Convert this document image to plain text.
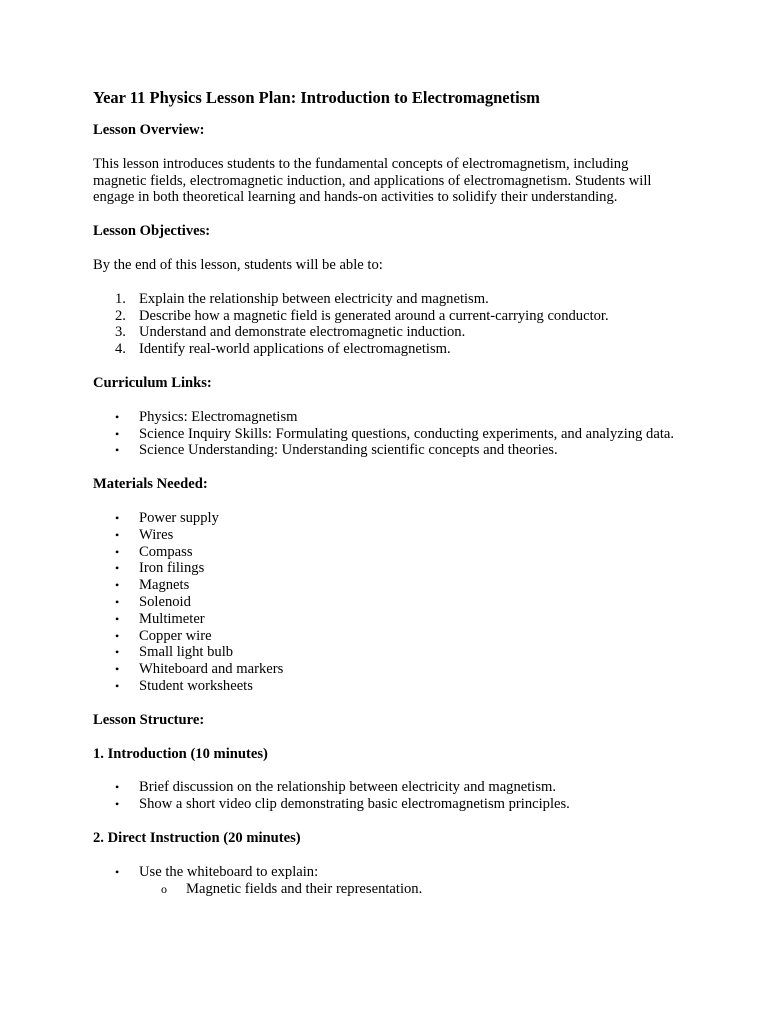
Year 11 Physics Lesson Plan: Introduction to Electromagnetism
Lesson Overview:
This lesson introduces students to the fundamental concepts of electromagnetism, including magnetic fields, electromagnetic induction, and applications of electromagnetism. Students will engage in both theoretical learning and hands-on activities to solidify their understanding.
Lesson Objectives:
By the end of this lesson, students will be able to:
1. Explain the relationship between electricity and magnetism.
2. Describe how a magnetic field is generated around a current-carrying conductor.
3. Understand and demonstrate electromagnetic induction.
4. Identify real-world applications of electromagnetism.
Curriculum Links:
• Physics: Electromagnetism
• Science Inquiry Skills: Formulating questions, conducting experiments, and analyzing data.
• Science Understanding: Understanding scientific concepts and theories.
Materials Needed:
• Power supply
• Wires
• Compass
• Iron filings
• Magnets
• Solenoid
• Multimeter
• Copper wire
• Small light bulb
• Whiteboard and markers
• Student worksheets
Lesson Structure:
1. Introduction (10 minutes)
• Brief discussion on the relationship between electricity and magnetism.
• Show a short video clip demonstrating basic electromagnetism principles.
2. Direct Instruction (20 minutes)
• Use the whiteboard to explain:
o Magnetic fields and their representation.
